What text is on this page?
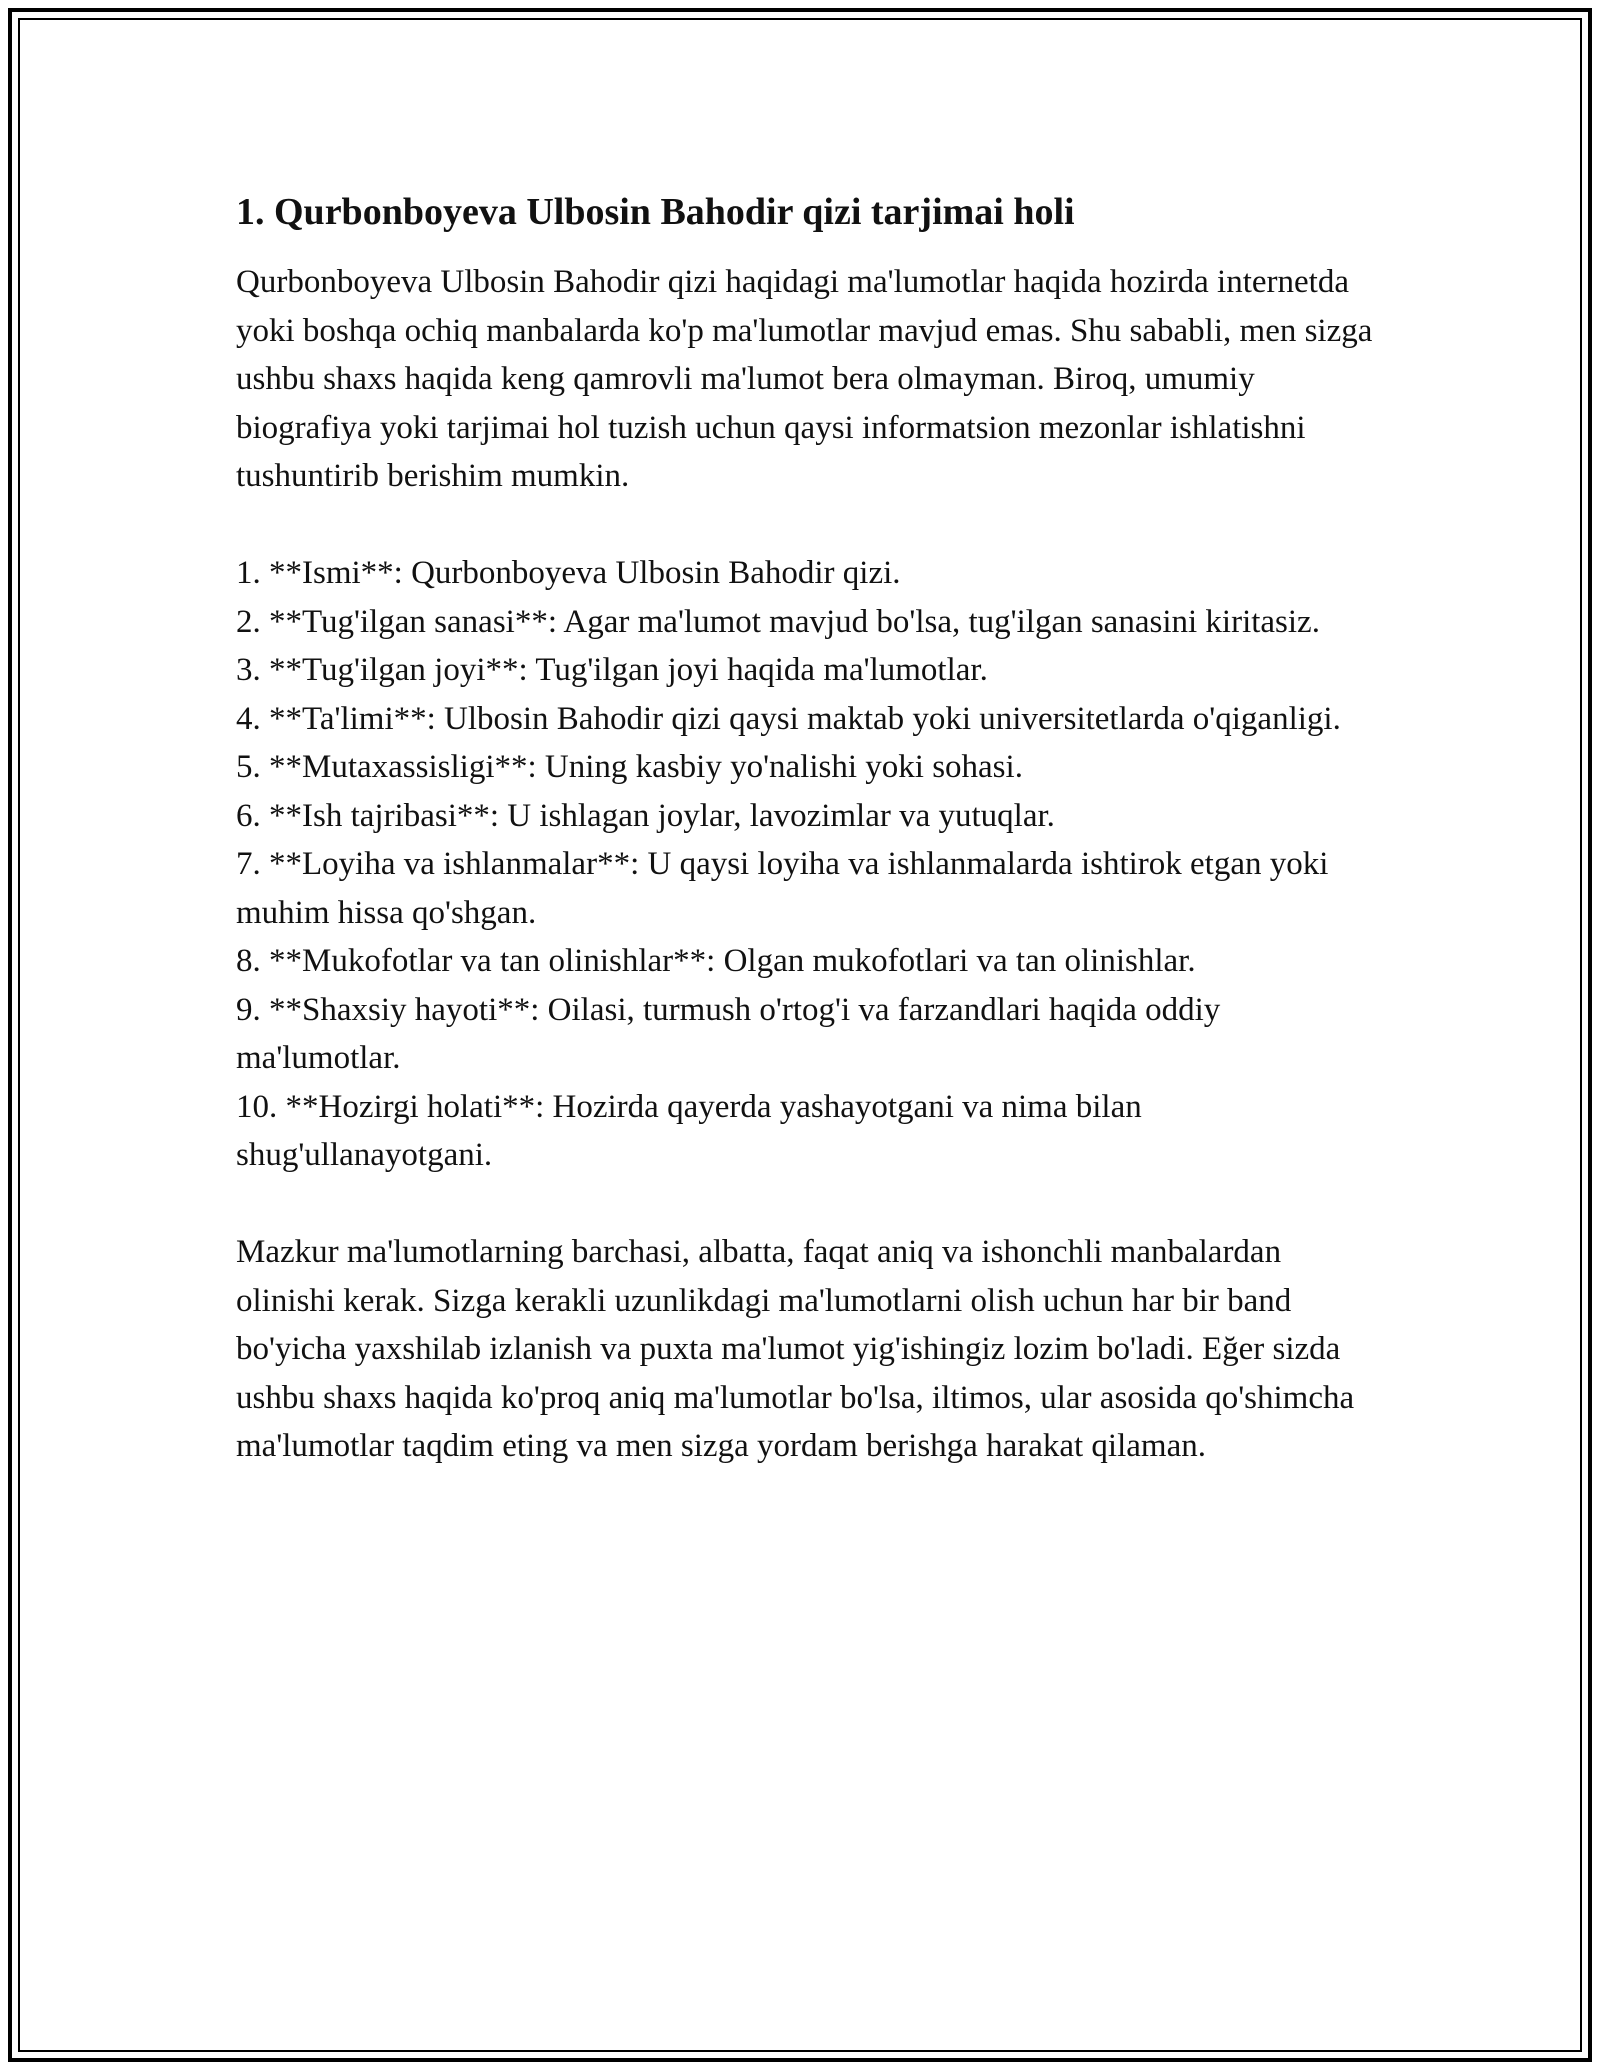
1. Qurbonboyeva Ulbosin Bahodir qizi tarjimai holi

Qurbonboyeva Ulbosin Bahodir qizi haqidagi ma'lumotlar haqida hozirda internetda yoki boshqa ochiq manbalarda ko'p ma'lumotlar mavjud emas. Shu sababli, men sizga ushbu shaxs haqida keng qamrovli ma'lumot bera olmayman. Biroq, umumiy biografiya yoki tarjimai hol tuzish uchun qaysi informatsion mezonlar ishlatishni tushuntirib berishim mumkin.

1. **Ismi**: Qurbonboyeva Ulbosin Bahodir qizi.
2. **Tug'ilgan sanasi**: Agar ma'lumot mavjud bo'lsa, tug'ilgan sanasini kiritasiz.
3. **Tug'ilgan joyi**: Tug'ilgan joyi haqida ma'lumotlar.
4. **Ta'limi**: Ulbosin Bahodir qizi qaysi maktab yoki universitetlarda o'qiganligi.
5. **Mutaxassisligi**: Uning kasbiy yo'nalishi yoki sohasi.
6. **Ish tajribasi**: U ishlagan joylar, lavozimlar va yutuqlar.
7. **Loyiha va ishlanmalar**: U qaysi loyiha va ishlanmalarda ishtirok etgan yoki muhim hissa qo'shgan.
8. **Mukofotlar va tan olinishlar**: Olgan mukofotlari va tan olinishlar.
9. **Shaxsiy hayoti**: Oilasi, turmush o'rtog'i va farzandlari haqida oddiy ma'lumotlar.
10. **Hozirgi holati**: Hozirda qayerda yashayotgani va nima bilan shug'ullanayotgani.

Mazkur ma'lumotlarning barchasi, albatta, faqat aniq va ishonchli manbalardan olinishi kerak. Sizga kerakli uzunlikdagi ma'lumotlarni olish uchun har bir band bo'yicha yaxshilab izlanish va puxta ma'lumot yig'ishingiz lozim bo'ladi. Eğer sizda ushbu shaxs haqida ko'proq aniq ma'lumotlar bo'lsa, iltimos, ular asosida qo'shimcha ma'lumotlar taqdim eting va men sizga yordam berishga harakat qilaman.
